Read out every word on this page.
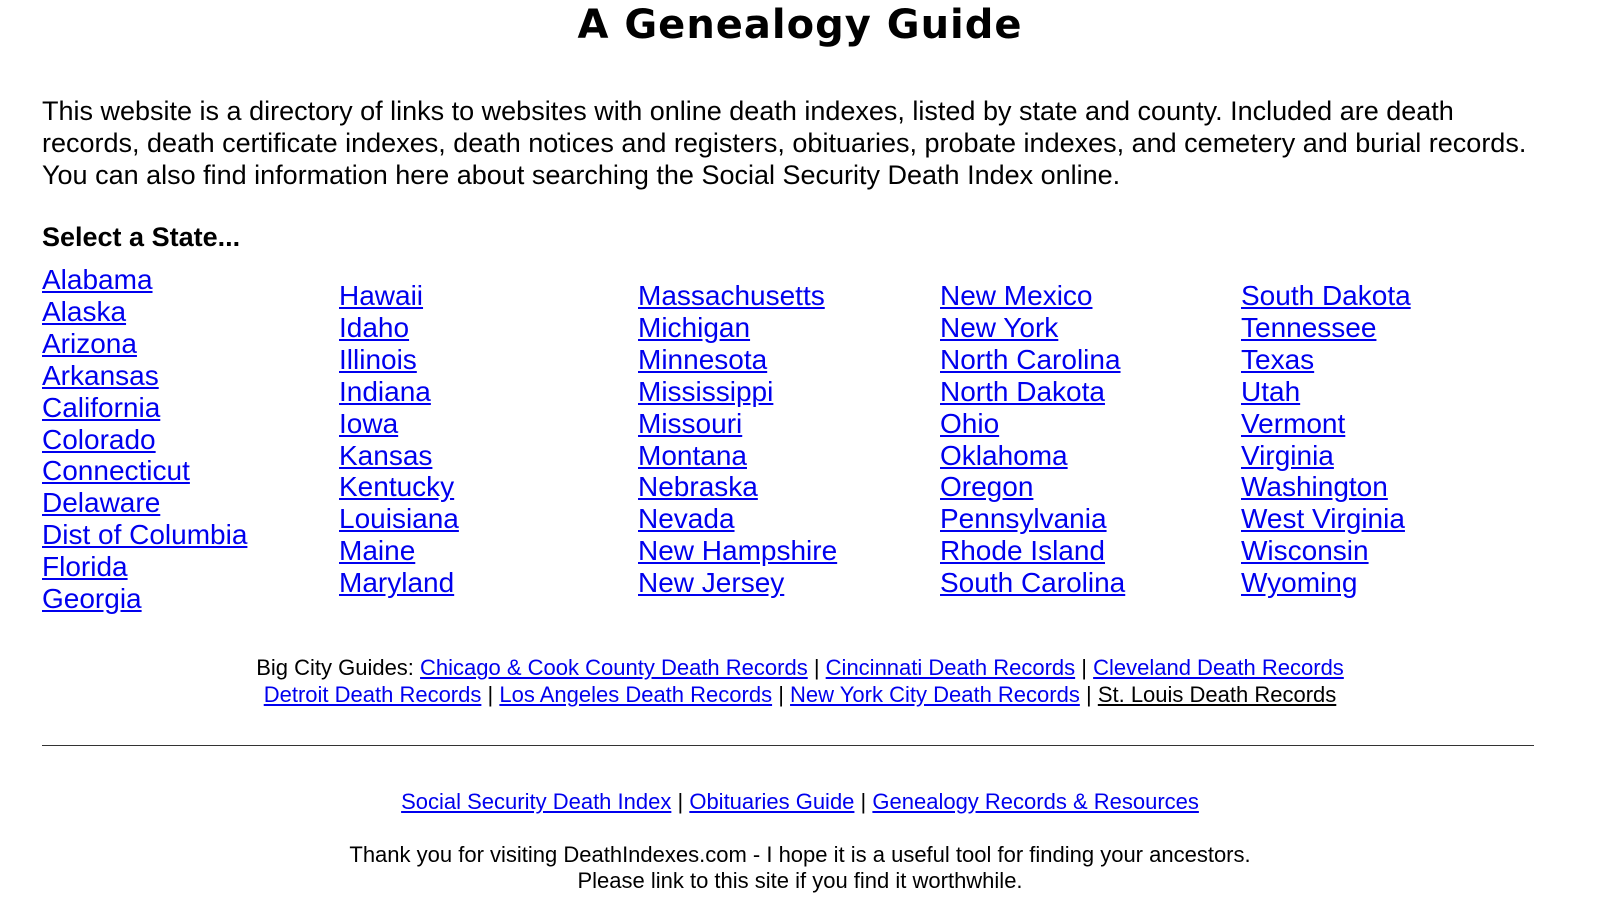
A Genealogy Guide

This website is a directory of links to websites with online death indexes, listed by state and county. Included are death records, death certificate indexes, death notices and registers, obituaries, probate indexes, and cemetery and burial records. You can also find information here about searching the Social Security Death Index online.

Select a State...
Alabama
Alaska
Arizona
Arkansas
California
Colorado
Connecticut
Delaware
Dist of Columbia
Florida
Georgia
Hawaii
Idaho
Illinois
Indiana
Iowa
Kansas
Kentucky
Louisiana
Maine
Maryland
Massachusetts
Michigan
Minnesota
Mississippi
Missouri
Montana
Nebraska
Nevada
New Hampshire
New Jersey
New Mexico
New York
North Carolina
North Dakota
Ohio
Oklahoma
Oregon
Pennsylvania
Rhode Island
South Carolina
South Dakota
Tennessee
Texas
Utah
Vermont
Virginia
Washington
West Virginia
Wisconsin
Wyoming
Big City Guides: Chicago & Cook County Death Records | Cincinnati Death Records | Cleveland Death Records
Detroit Death Records | Los Angeles Death Records | New York City Death Records | St. Louis Death Records
Social Security Death Index | Obituaries Guide | Genealogy Records & Resources
Thank you for visiting DeathIndexes.com - I hope it is a useful tool for finding your ancestors.
Please link to this site if you find it worthwhile.
